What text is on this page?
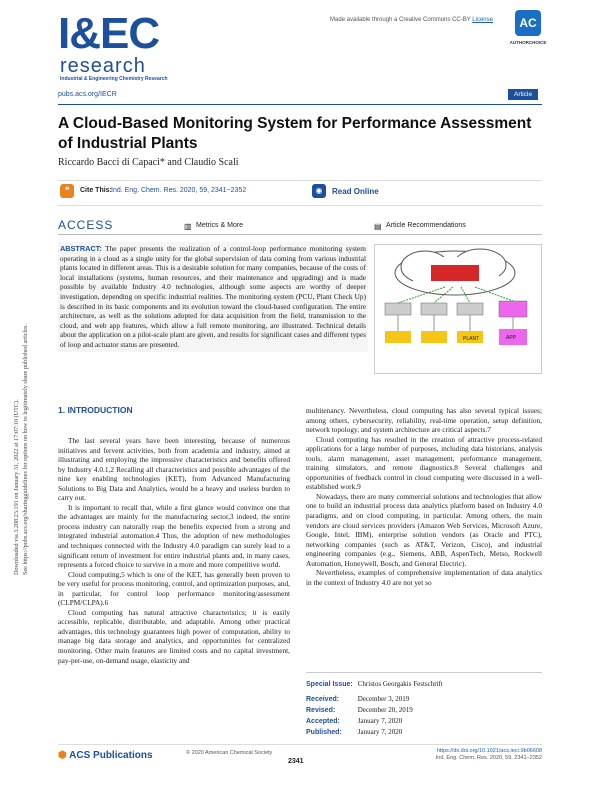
I&EC
research
Industrial & Engineering Chemistry Research
Made available through a Creative Commons CC-BY License	AC
AUTHORCHOICE
pubs.acs.org/IECR	Article
A Cloud-Based Monitoring System for Performance Assessment of Industrial Plants
Riccardo Bacci di Capaci* and Claudio Scali
❝	Cite This: Ind. Eng. Chem. Res. 2020, 59, 2341−2352	◉	Read Online
ACCESS	▥ Metrics & More	▤ Article Recommendations
Downloaded via 3.208.23.191 on January 31, 2022 at 17:07:10 (UTC). See https://pubs.acs.org/sharingguidelines for options on how to legitimately share published articles.
ABSTRACT: The paper presents the realization of a control-loop performance monitoring system operating in a cloud as a single unity for the global supervision of data coming from various industrial plants located in different areas. This is a desirable solution for many companies, because of the costs of local installations (systems, human resources, and their maintenance and upgrading) and is made possible by available Industry 4.0 technologies, although some aspects are worthy of deeper investigation, depending on specific industrial realities. The monitoring system (PCU, Plant Check Up) is described in its basic components and its evolution toward the cloud-based configuration. The entire architecture, as well as the solutions adopted for data acquisition from the field, transmission to the cloud, and web app features, which allow a full remote monitoring, are illustrated. Technical details about the application on a pilot-scale plant are given, and results for significant cases and different types of loop and actuator status are presented.
PLANT	APP
1. INTRODUCTION

The last several years have been interesting, because of numerous initiatives and fervent activities, both from academia and industry, aimed at illustrating and employing the impressive characteristics and benefits offered by Industry 4.0.1,2 Recalling all characteristics and possible advantages of the nine key enabling technologies (KET), from Advanced Manufacturing Solutions to Big Data and Analytics, would be a heavy and useless burden to carry out.

It is important to recall that, while a first glance would convince one that the advantages are mainly for the manufacturing sector,3 indeed, the entire process industry can naturally reap the benefits expected from a strong and integrated industrial automation.4 Thus, the adoption of new methodologies and techniques connected with the Industry 4.0 paradigm can surely lead to a significant return of investment for entire industrial plants and, in many cases, represents a forced choice to survive in a more and more competitive world.

Cloud computing,5 which is one of the KET, has generally been proven to be very useful for process monitoring, control, and optimization purposes, and, in particular, for control loop performance monitoring/assessment (CLPM/CLPA).6

Cloud computing has natural attractive characteristics; it is easily accessible, replicable, distributable, and adaptable. Among other practical advantages, this technology guarantees high power of computation, ability to manage big data storage and analytics, and opportunities for centralized monitoring. Other main features are limited costs and no capital investment, pay-per-use, on-demand usage, elasticity and

multitenancy. Nevertheless, cloud computing has also several typical issues; among others, cybersecurity, reliability, real-time operation, setup definition, network topology, and system architecture are critical aspects.7

Cloud computing has resulted in the creation of attractive process-related applications for a large number of purposes, including data historians, analysis tools, alarm management, asset management, performance management, training simulators, and remote diagnostics.8 Several challenges and opportunities of feedback control in cloud computing were discussed in a well-established work.9

Nowadays, there are many commercial solutions and technologies that allow one to build an industrial process data analytics platform based on Industry 4.0 paradigms, and on cloud computing, in particular. Among others, the main vendors are cloud services providers (Amazon Web Services, Microsoft Azure, Google, Intel, IBM), enterprise solution vendors (as Oracle and PTC), networking companies (such as AT&T, Verizon, Cisco), and industrial engineering companies (e.g., Siemens, ABB, AspenTech, Metso, Rockwell Automation, Honeywell, Bosch, and General Electric).

Nevertheless, examples of comprehensive implementation of data analytics in the context of Industry 4.0 are not yet so

Special Issue: Christos Georgakis Festschrift
Received:	December 3, 2019
Revised:	December 20, 2019
Accepted:	January 7, 2020
Published: January 7, 2020
⬢ ACS Publications	© 2020 American Chemical Society
2341
https://dx.doi.org/10.1021/acs.iecr.9b06608
Ind. Eng. Chem. Res. 2020, 59, 2341−2352
